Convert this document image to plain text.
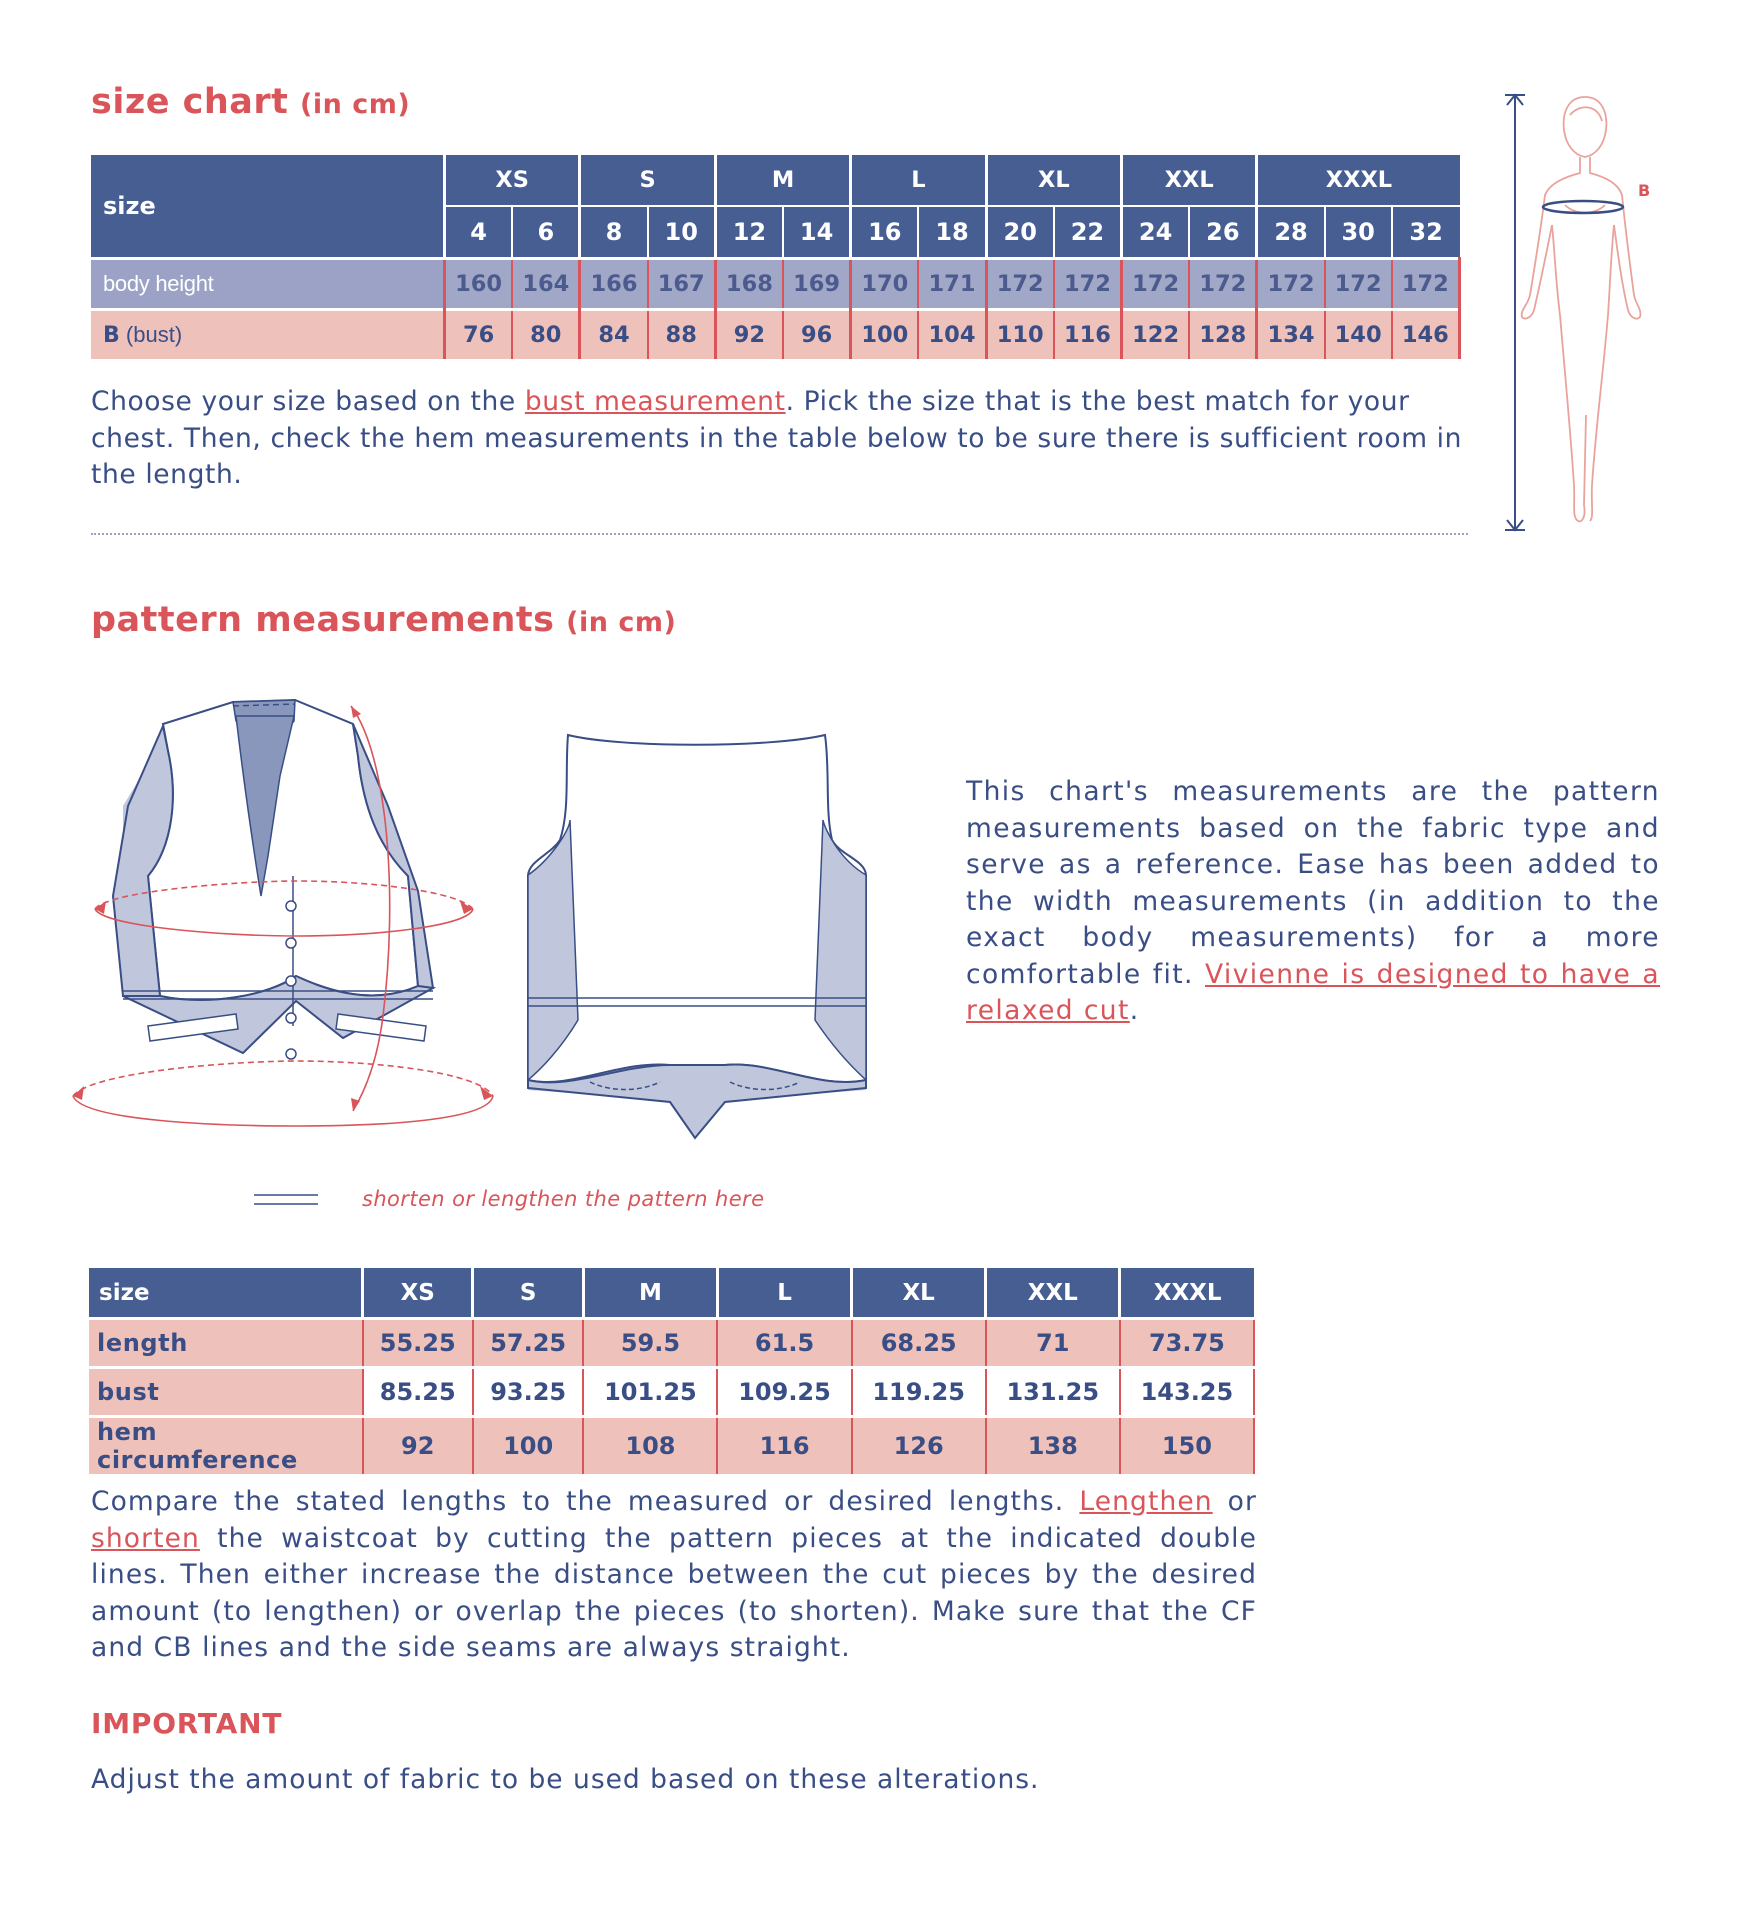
size chart (in cm)
size	XS		S		M		L		XL		XXL		XXXL		
	4	6	8	10	12	14	16	18	20	22	24	26	28	30	32
body height	160	164	166	167	168	169	170	171	172	172	172	172	172	172	172
B (bust)	76	80	84	88	92	96	100	104	110	116	122	128	134	140	146

Choose your size based on the bust measurement. Pick the size that is the best match for your chest. Then, check the hem measurements in the table below to be sure there is sufficient room in the length.

B
pattern measurements (in cm)

This chart's measurements are the pattern measurements based on the fabric type and serve as a reference. Ease has been added to the width measurements (in addition to the exact body measurements) for a more comfortable fit. Vivienne is designed to have a relaxed cut.

shorten or lengthen the pattern here
size	XS	S	M	L	XL	XXL	XXXL
length	55.25	57.25	59.5	61.5	68.25	71	73.75
bust	85.25	93.25	101.25	109.25	119.25	131.25	143.25
hem circumference	92	100	108	116	126	138	150

Compare the stated lengths to the measured or desired lengths. Lengthen or shorten the waistcoat by cutting the pattern pieces at the indicated double lines. Then either increase the distance between the cut pieces by the desired amount (to lengthen) or overlap the pieces (to shorten). Make sure that the CF and CB lines and the side seams are always straight.

IMPORTANT

Adjust the amount of fabric to be used based on these alterations.
